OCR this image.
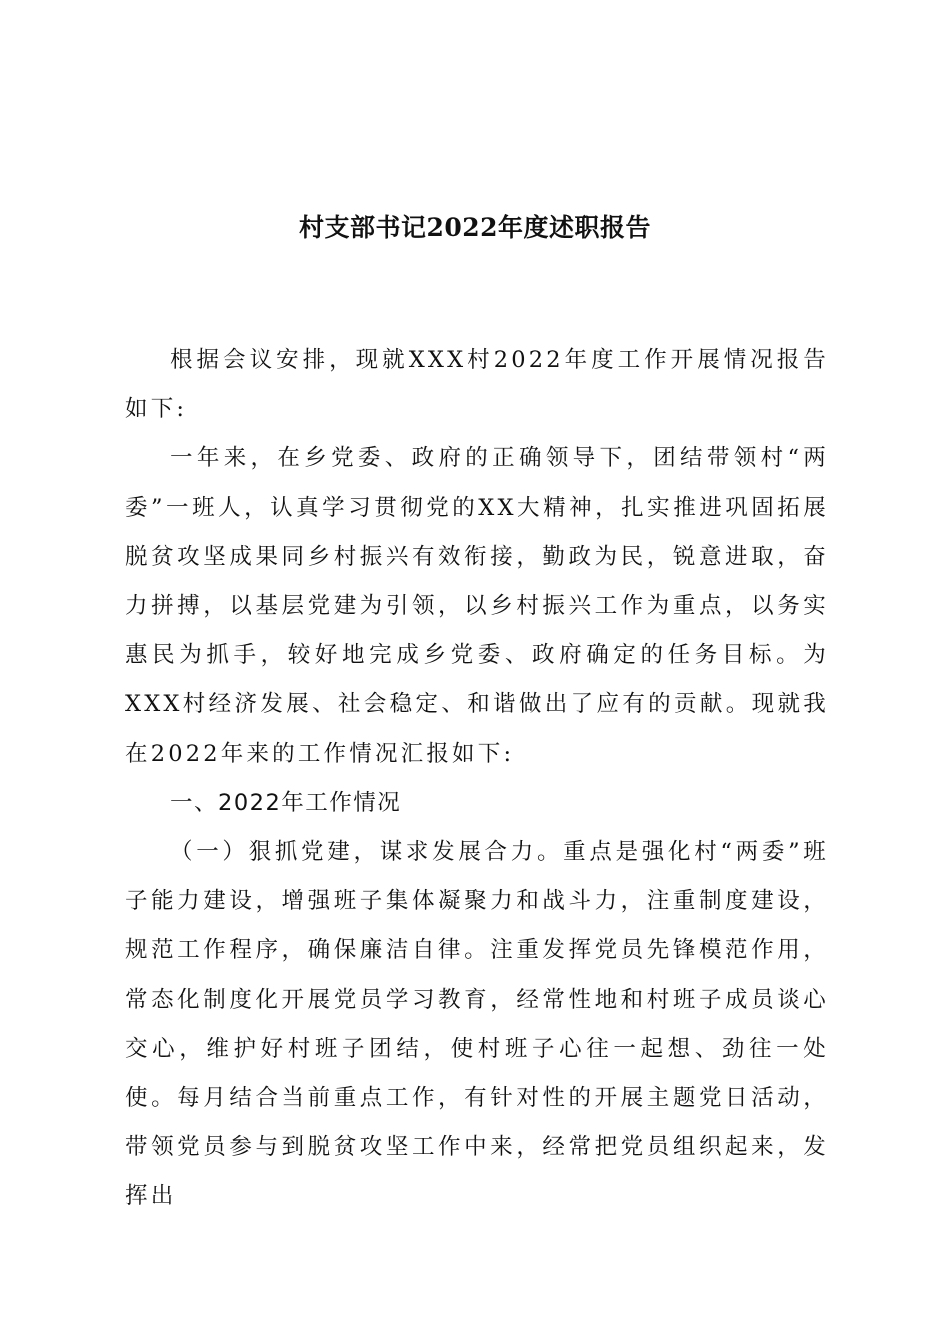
村支部书记2022年度述职报告

根据会议安排，现就XXX村2022年度工作开展情况报告如下:

一年来，在乡党委、政府的正确领导下，团结带领村“两委”一班人，认真学习贯彻党的XX大精神，扎实推进巩固拓展脱贫攻坚成果同乡村振兴有效衔接，勤政为民，锐意进取，奋力拼搏，以基层党建为引领，以乡村振兴工作为重点，以务实惠民为抓手，较好地完成乡党委、政府确定的任务目标。为XXX村经济发展、社会稳定、和谐做出了应有的贡献。现就我在2022年来的工作情况汇报如下:

一、2022年工作情况

（一）狠抓党建，谋求发展合力。重点是强化村“两委”班子能力建设，增强班子集体凝聚力和战斗力，注重制度建设，规范工作程序，确保廉洁自律。注重发挥党员先锋模范作用，常态化制度化开展党员学习教育，经常性地和村班子成员谈心交心，维护好村班子团结，使村班子心往一起想、劲往一处使。每月结合当前重点工作，有针对性的开展主题党日活动，带领党员参与到脱贫攻坚工作中来，经常把党员组织起来，发挥出
